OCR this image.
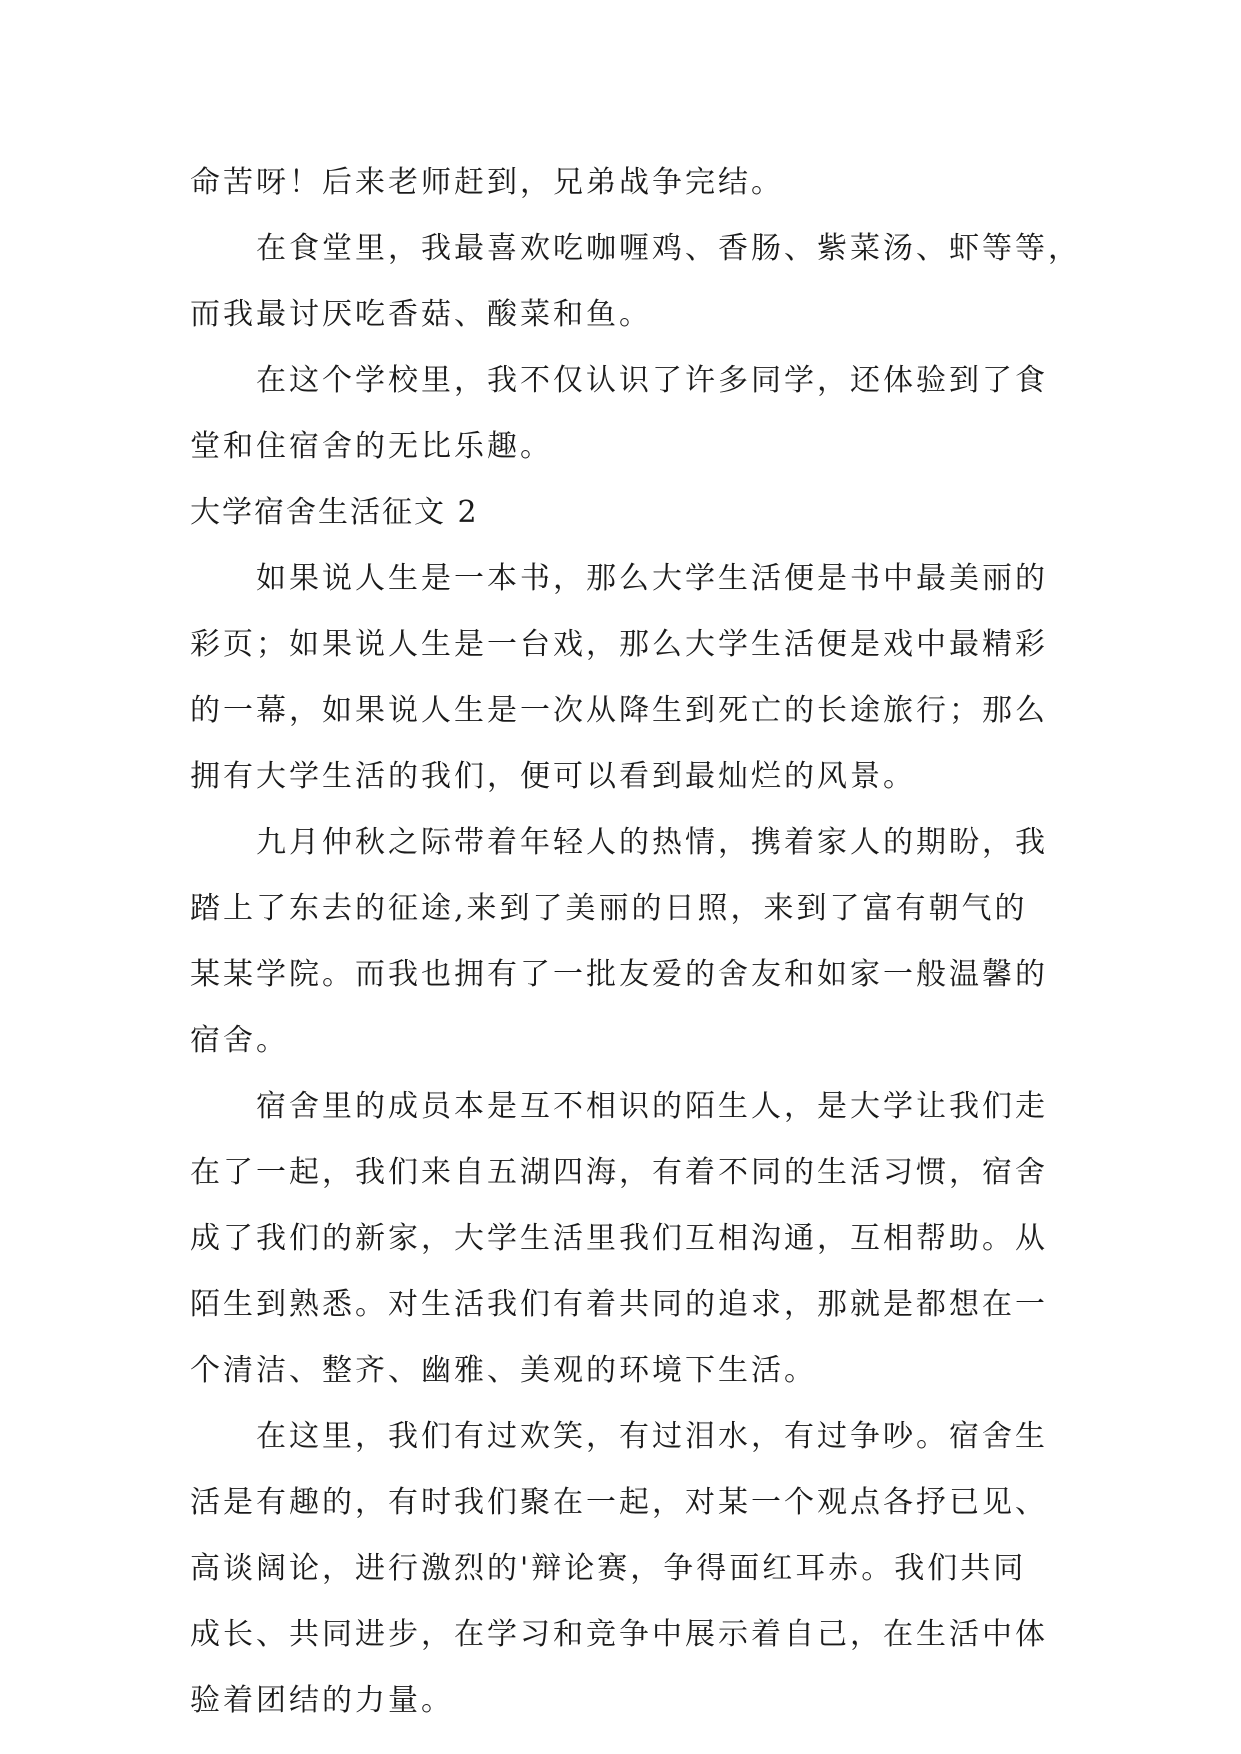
命苦呀！后来老师赶到，兄弟战争完结。
在食堂里，我最喜欢吃咖喱鸡、香肠、紫菜汤、虾等等，
而我最讨厌吃香菇、酸菜和鱼。
在这个学校里，我不仅认识了许多同学，还体验到了食
堂和住宿舍的无比乐趣。
大学宿舍生活征文 2
如果说人生是一本书，那么大学生活便是书中最美丽的
彩页；如果说人生是一台戏，那么大学生活便是戏中最精彩
的一幕，如果说人生是一次从降生到死亡的长途旅行；那么
拥有大学生活的我们，便可以看到最灿烂的风景。
九月仲秋之际带着年轻人的热情，携着家人的期盼，我
踏上了东去的征途,来到了美丽的日照，来到了富有朝气的
某某学院。而我也拥有了一批友爱的舍友和如家一般温馨的
宿舍。
宿舍里的成员本是互不相识的陌生人，是大学让我们走
在了一起，我们来自五湖四海，有着不同的生活习惯，宿舍
成了我们的新家，大学生活里我们互相沟通，互相帮助。从
陌生到熟悉。对生活我们有着共同的追求，那就是都想在一
个清洁、整齐、幽雅、美观的环境下生活。
在这里，我们有过欢笑，有过泪水，有过争吵。宿舍生
活是有趣的，有时我们聚在一起，对某一个观点各抒已见、
高谈阔论，进行激烈的'辩论赛，争得面红耳赤。我们共同
成长、共同进步，在学习和竞争中展示着自己，在生活中体
验着团结的力量。
